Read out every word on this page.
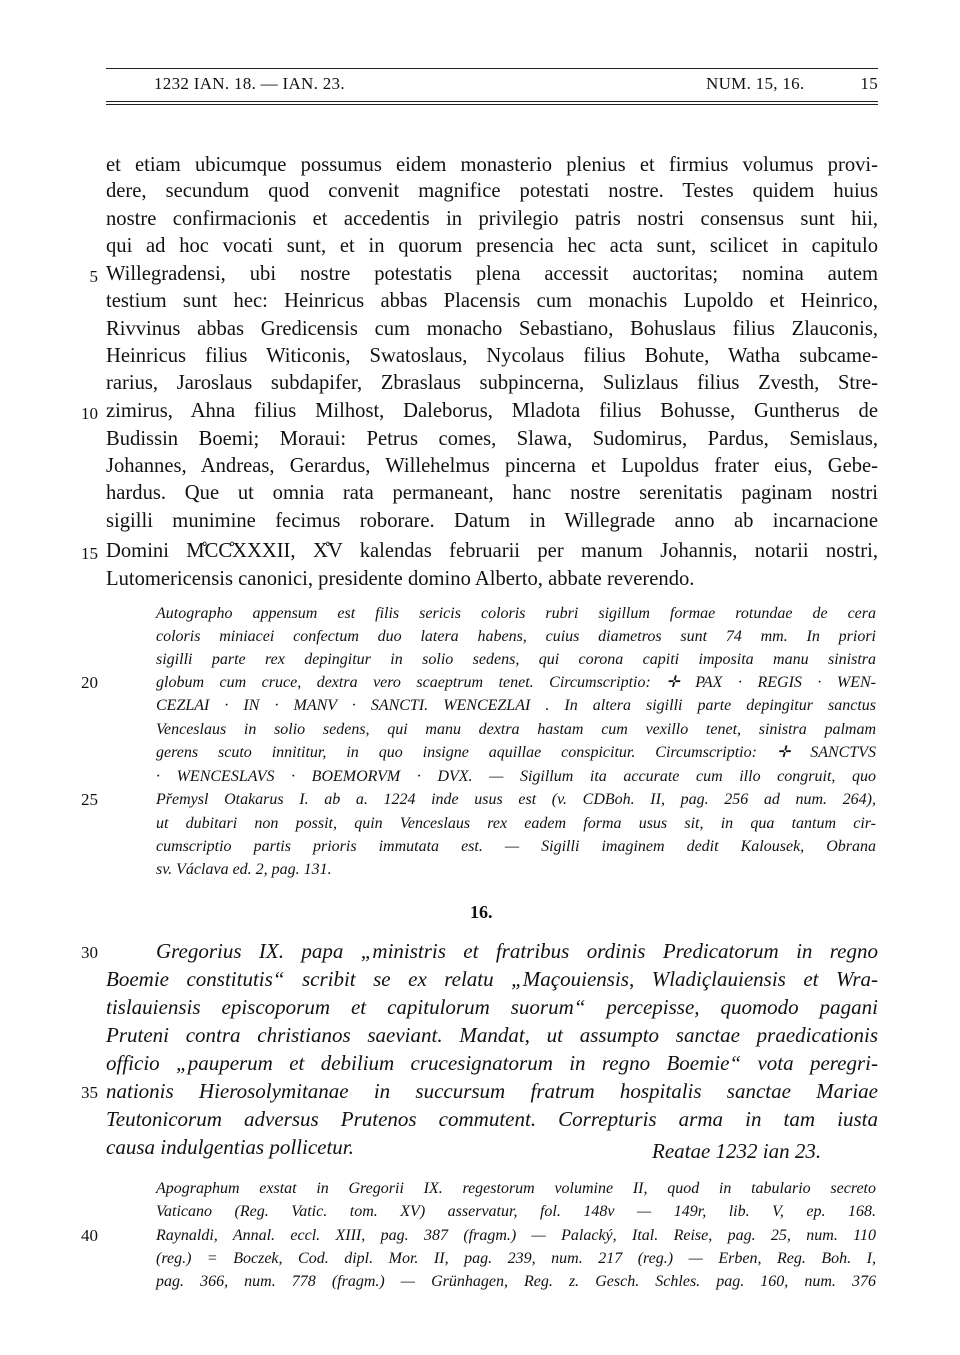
1232 IAN. 18. — IAN. 23.	NUM. 15, 16.	15
et etiam ubicumque possumus eidem monasterio plenius et firmius volumus provi-
dere, secundum quod convenit magnifice potestati nostre. Testes quidem huius
nostre confirmacionis et accedentis in privilegio patris nostri consensus sunt hii,
qui ad hoc vocati sunt, et in quorum presencia hec acta sunt, scilicet in capitulo
5 Willegradensi, ubi nostre potestatis plena accessit auctoritas; nomina autem
testium sunt hec: Heinricus abbas Placensis cum monachis Lupoldo et Heinrico,
Rivvinus abbas Gredicensis cum monacho Sebastiano, Bohuslaus filius Zlauconis,
Heinricus filius Witiconis, Swatoslaus, Nycolaus filius Bohute, Watha subcame-
rarius, Jaroslaus subdapifer, Zbraslaus subpincerna, Sulizlaus filius Zvesth, Stre-
10 zimirus, Ahna filius Milhost, Daleborus, Mladota filius Bohusse, Guntherus de
Budissin Boemi; Moraui: Petrus comes, Slawa, Sudomirus, Pardus, Semislaus,
Johannes, Andreas, Gerardus, Willehelmus pincerna et Lupoldus frater eius, Gebe-
hardus. Que ut omnia rata permaneant, hanc nostre serenitatis paginam nostri
sigilli munimine fecimus roborare. Datum in Willegrade anno ab incarnacione
15 Domini M̊CC̊XXXII, X̊V kalendas februarii per manum Johannis, notarii nostri,
Lutomericensis canonici, presidente domino Alberto, abbate reverendo.
Autographo appensum est filis sericis coloris rubri sigillum formae rotundae de cera
coloris miniacei confectum duo latera habens, cuius diametros sunt 74 mm. In priori
sigilli parte rex depingitur in solio sedens, qui corona capiti imposita manu sinistra
20	globum cum cruce, dextra vero scaeptrum tenet. Circumscriptio: ✛ PAX · REGIS · WEN-
CEZLAI · IN · MANV · SANCTI. WENCEZLAI . In altera sigilli parte depingitur sanctus
Venceslaus in solio sedens, qui manu dextra hastam cum vexillo tenet, sinistra palmam
gerens scuto innititur, in quo insigne aquillae conspicitur. Circumscriptio: ✛ SANCTVS
· WENCESLAVS · BOEMORVM · DVX. — Sigillum ita accurate cum illo congruit, quo
25	Přemysl Otakarus I. ab a. 1224 inde usus est (v. CDBoh. II, pag. 256 ad num. 264),
ut dubitari non possit, quin Venceslaus rex eadem forma usus sit, in qua tantum cir-
cumscriptio partis prioris immutata est. — Sigilli imaginem dedit Kalousek, Obrana
sv. Václava ed. 2, pag. 131.
16.
30	Gregorius IX. papa „ministris et fratribus ordinis Predicatorum in regno
Boemie constitutis“ scribit se ex relatu „Maçouiensis, Wladiçlauiensis et Wra-
tislauiensis episcoporum et capitulorum suorum“ percepisse, quomodo pagani
Pruteni contra christianos saeviant. Mandat, ut assumpto sanctae praedicationis
officio „pauperum et debilium crucesignatorum in regno Boemie“ vota peregri-
35 nationis Hierosolymitanae in succursum fratrum hospitalis sanctae Mariae
Teutonicorum adversus Prutenos commutent. Correpturis arma in tam iusta
causa indulgentias pollicetur.	Reatae 1232 ian 23.
Apographum exstat in Gregorii IX. regestorum volumine II, quod in tabulario secreto
Vaticano (Reg. Vatic. tom. XV) asservatur, fol. 148v — 149r, lib. V, ep. 168.
40	Raynaldi, Annal. eccl. XIII, pag. 387 (fragm.) — Palacký, Ital. Reise, pag. 25, num. 110
(reg.) = Boczek, Cod. dipl. Mor. II, pag. 239, num. 217 (reg.) — Erben, Reg. Boh. I,
pag. 366, num. 778 (fragm.) — Grünhagen, Reg. z. Gesch. Schles. pag. 160, num. 376
